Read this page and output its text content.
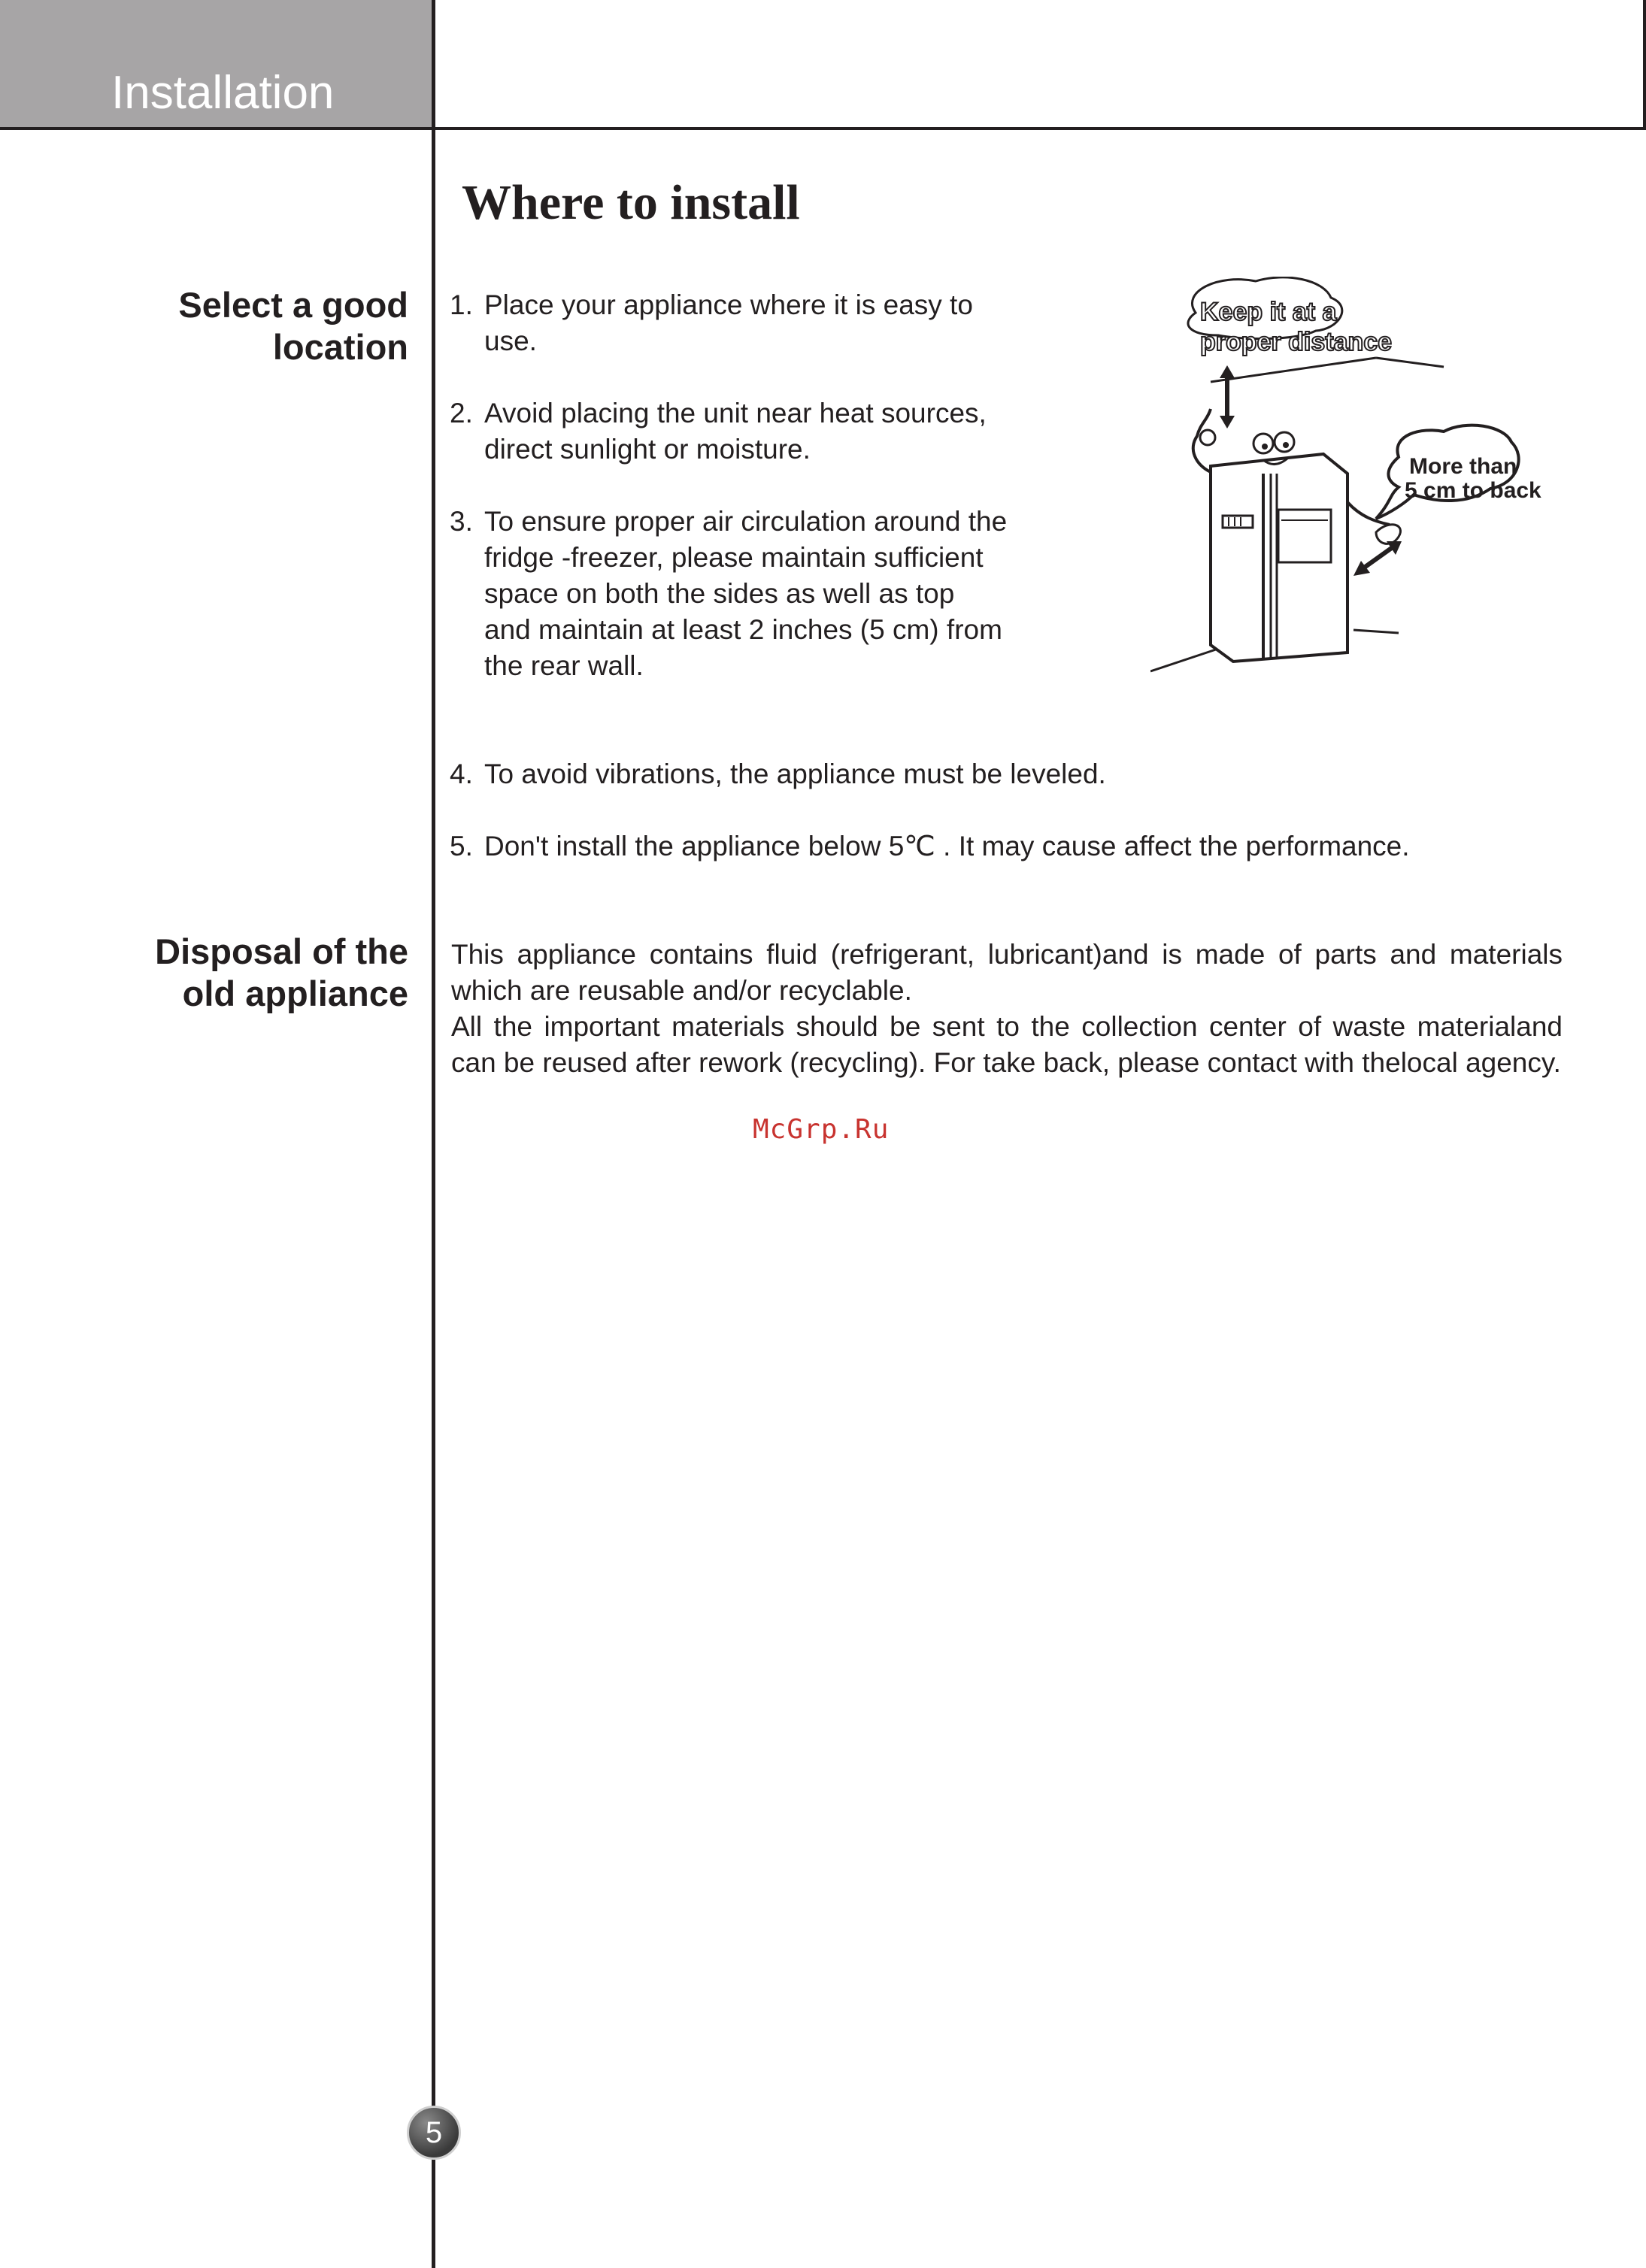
Installation
Where to install
Select a good
location
Disposal of the
old appliance
1. Place your appliance where it is easy to
use.
2. Avoid placing the unit near heat sources,
direct sunlight or moisture.
3. To ensure proper air circulation around the
fridge -freezer, please maintain sufficient
space on both the sides as well as top
and maintain at least 2 inches (5 cm) from
the rear wall.
4. To avoid vibrations, the appliance must be leveled.
5. Don't install the appliance below 5℃ . It may cause affect the performance.
Keep it at a
proper distance
More than
5 cm to back

This appliance contains fluid (refrigerant, lubricant)and is made of parts and materials which are reusable and/or recyclable.

All the important materials should be sent to the collection center of waste materialand can be reused after rework (recycling). For take back, please contact with thelocal agency.

McGrp.Ru
5
